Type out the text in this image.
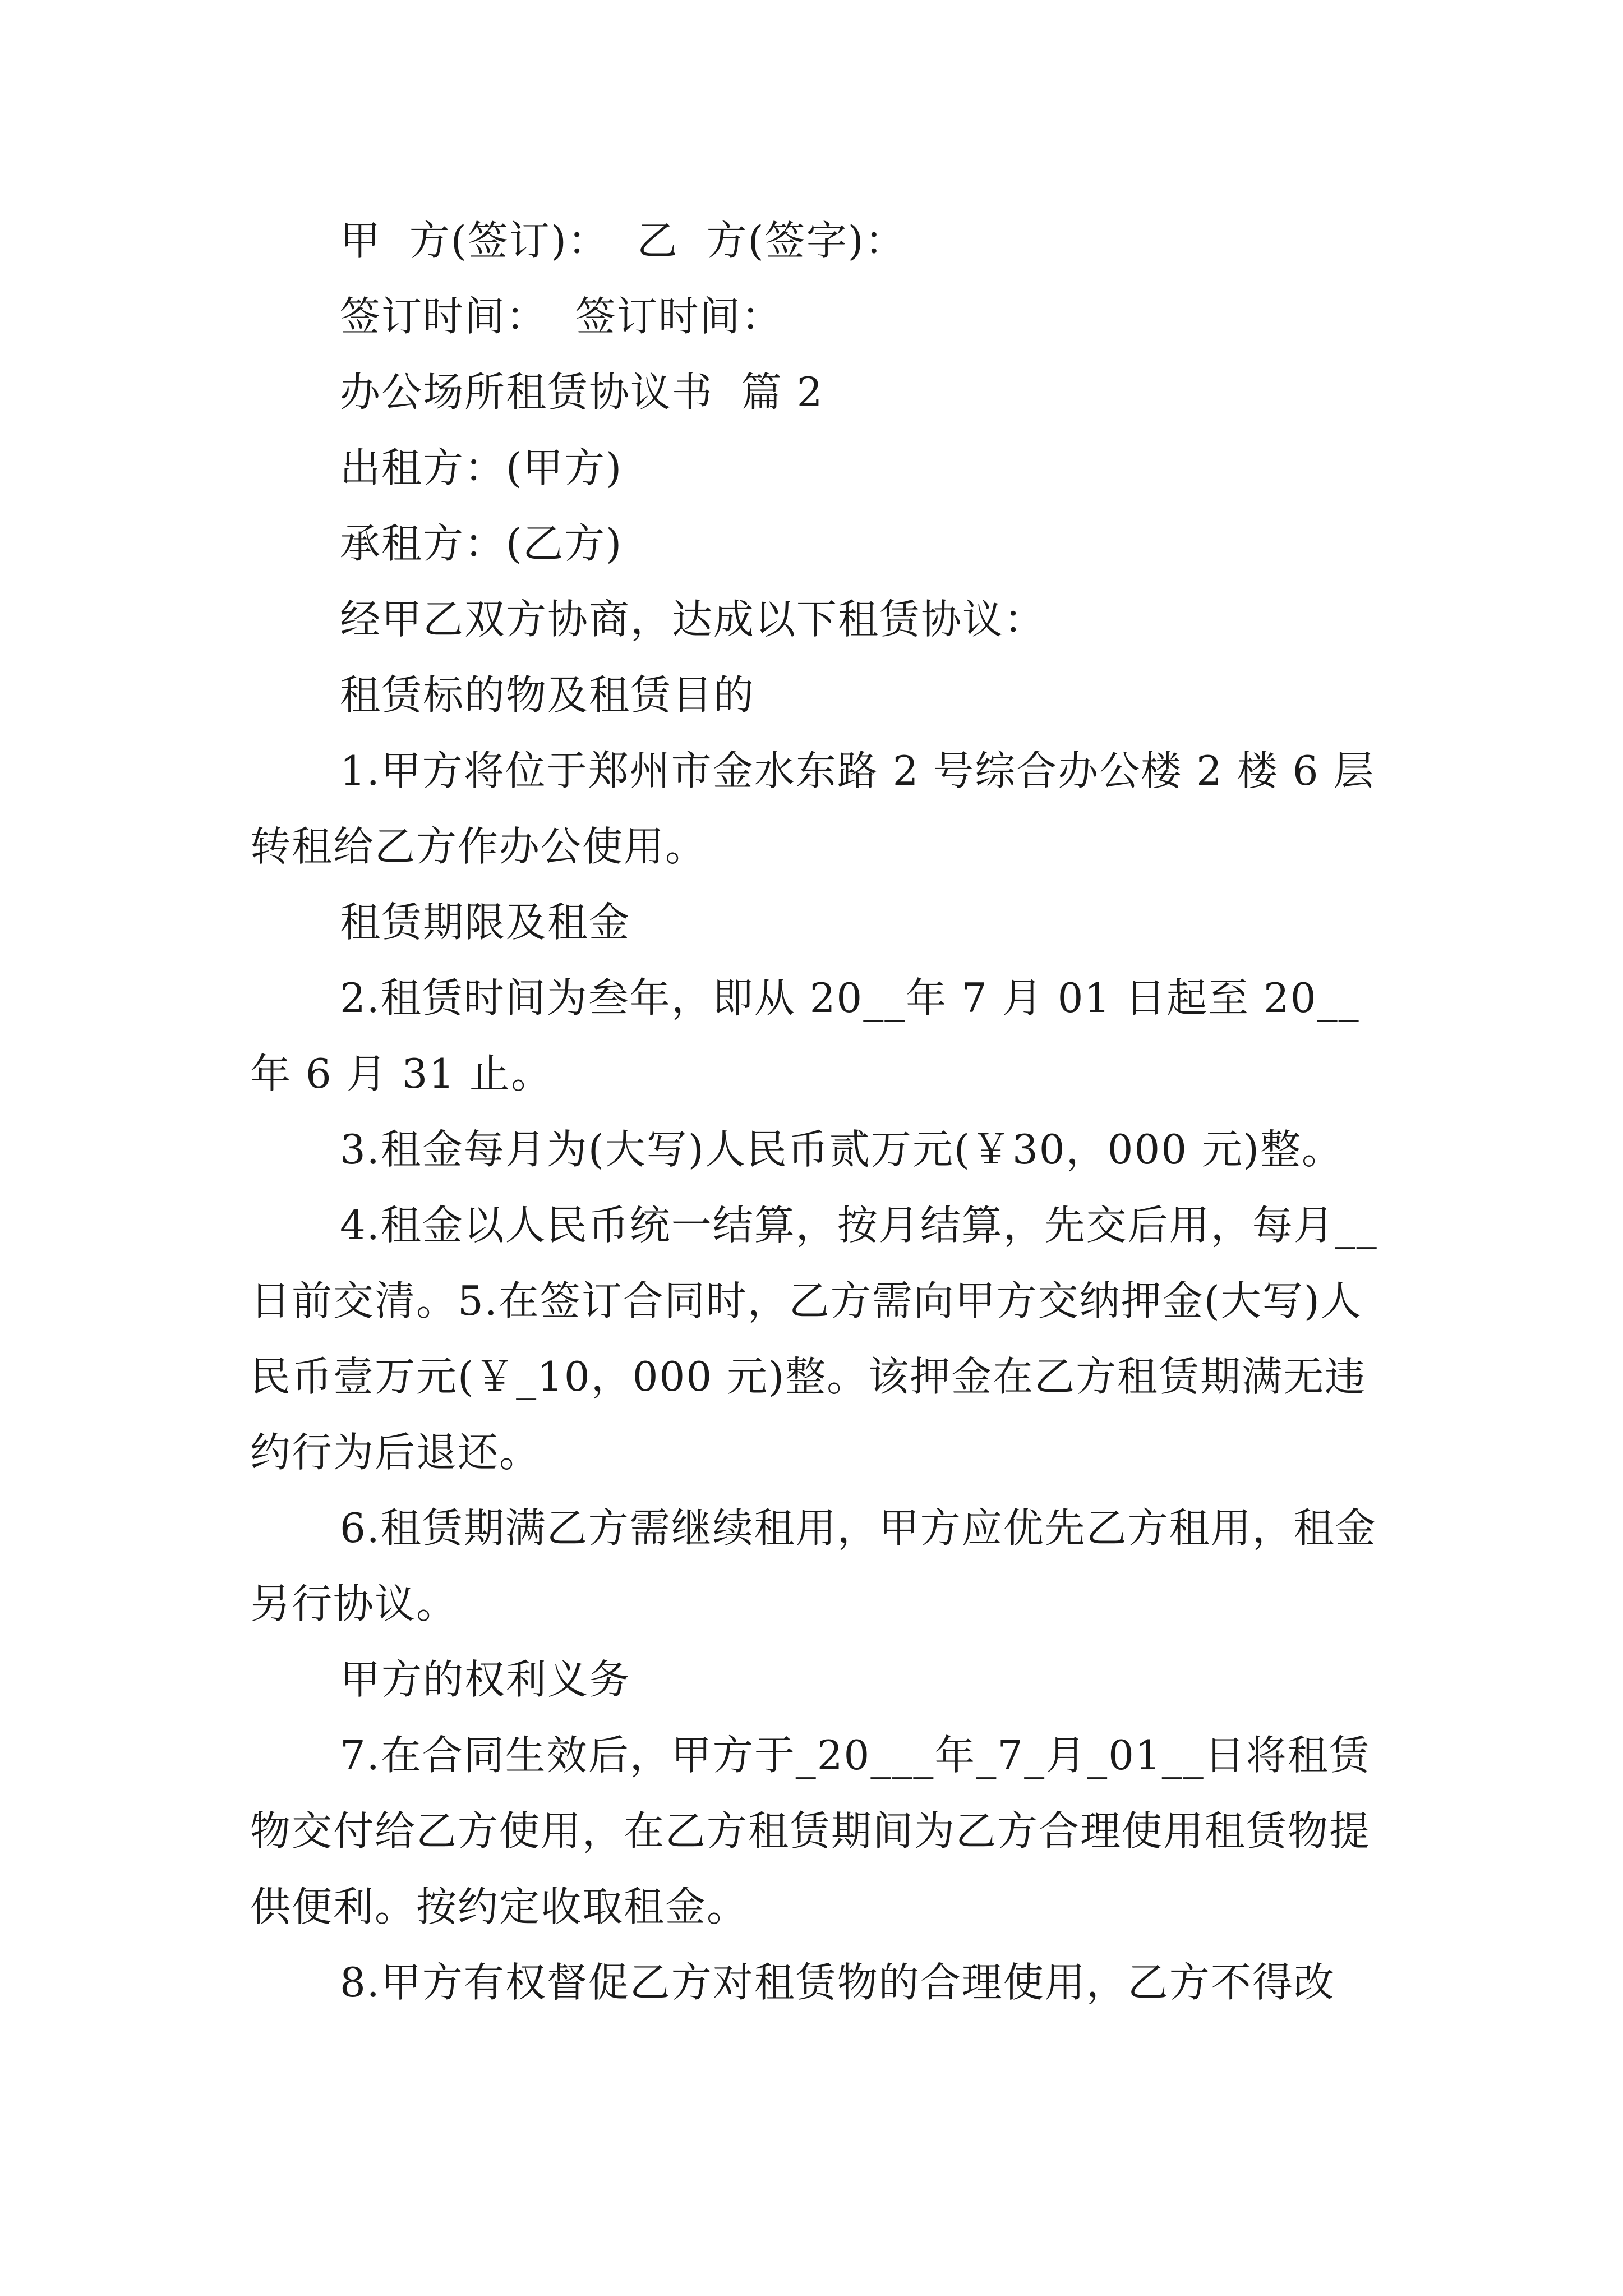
甲  方(签订)：  乙  方(签字)：

签订时间：  签订时间：

办公场所租赁协议书  篇 2

出租方：(甲方)

承租方：(乙方)

经甲乙双方协商，达成以下租赁协议：

租赁标的物及租赁目的

1.甲方将位于郑州市金水东路 2 号综合办公楼 2 楼 6 层转租给乙方作办公使用。

租赁期限及租金

2.租赁时间为叁年，即从 20__年 7 月 01 日起至 20__年 6 月 31 止。

3.租金每月为(大写)人民币贰万元(￥30，000 元)整。

4.租金以人民币统一结算，按月结算，先交后用，每月__日前交清。5.在签订合同时，乙方需向甲方交纳押金(大写)人民币壹万元(￥_10，000 元)整。该押金在乙方租赁期满无违约行为后退还。

6.租赁期满乙方需继续租用，甲方应优先乙方租用，租金另行协议。

甲方的权利义务

7.在合同生效后，甲方于_20___年_7_月_01__日将租赁物交付给乙方使用，在乙方租赁期间为乙方合理使用租赁物提供便利。按约定收取租金。

8.甲方有权督促乙方对租赁物的合理使用，乙方不得改
